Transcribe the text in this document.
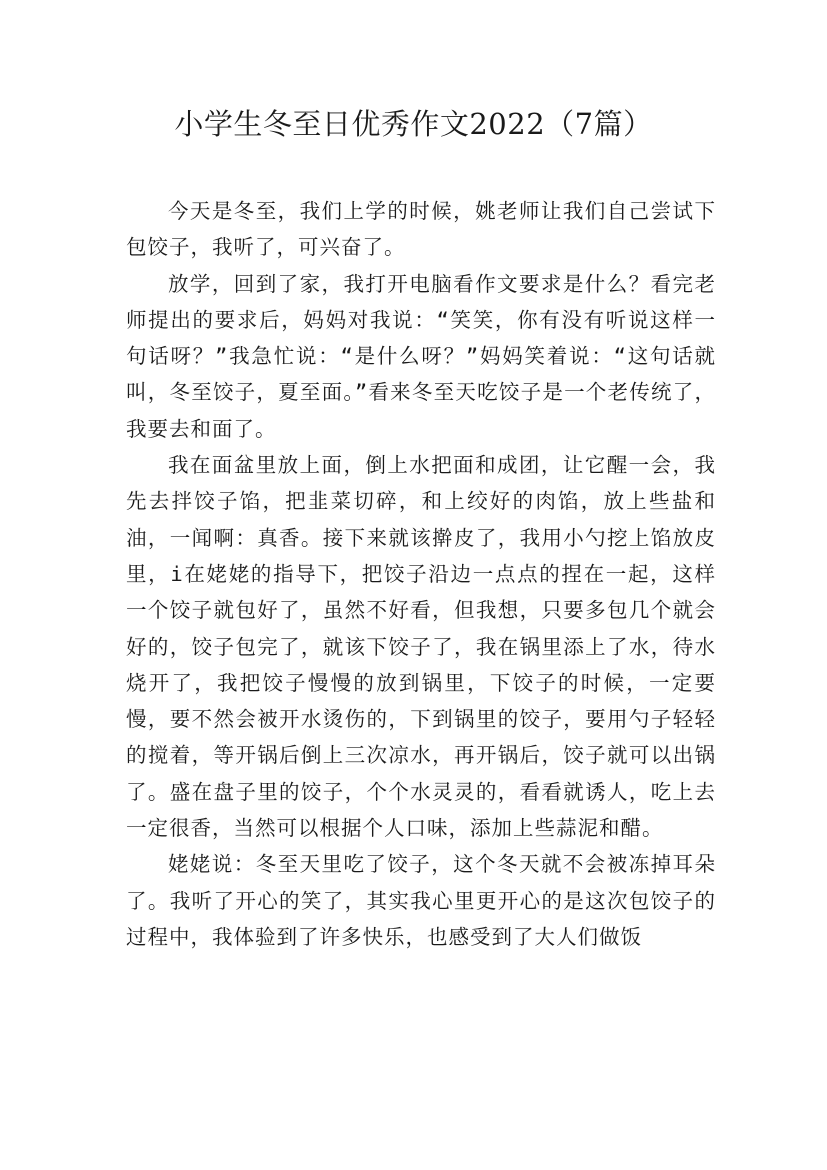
小学生冬至日优秀作文2022（7篇）

今天是冬至，我们上学的时候，姚老师让我们自己尝试下包饺子，我听了，可兴奋了。

放学，回到了家，我打开电脑看作文要求是什么？看完老师提出的要求后，妈妈对我说：“笑笑，你有没有听说这样一句话呀？”我急忙说：“是什么呀？”妈妈笑着说：“这句话就叫，冬至饺子，夏至面。”看来冬至天吃饺子是一个老传统了，我要去和面了。

我在面盆里放上面，倒上水把面和成团，让它醒一会，我先去拌饺子馅，把韭菜切碎，和上绞好的肉馅，放上些盐和油，一闻啊：真香。接下来就该擀皮了，我用小勺挖上馅放皮里，i在姥姥的指导下，把饺子沿边一点点的捏在一起，这样一个饺子就包好了，虽然不好看，但我想，只要多包几个就会好的，饺子包完了，就该下饺子了，我在锅里添上了水，待水烧开了，我把饺子慢慢的放到锅里，下饺子的时候，一定要慢，要不然会被开水烫伤的，下到锅里的饺子，要用勺子轻轻的搅着，等开锅后倒上三次凉水，再开锅后，饺子就可以出锅了。盛在盘子里的饺子，个个水灵灵的，看看就诱人，吃上去一定很香，当然可以根据个人口味，添加上些蒜泥和醋。

姥姥说：冬至天里吃了饺子，这个冬天就不会被冻掉耳朵了。我听了开心的笑了，其实我心里更开心的是这次包饺子的过程中，我体验到了许多快乐，也感受到了大人们做饭
